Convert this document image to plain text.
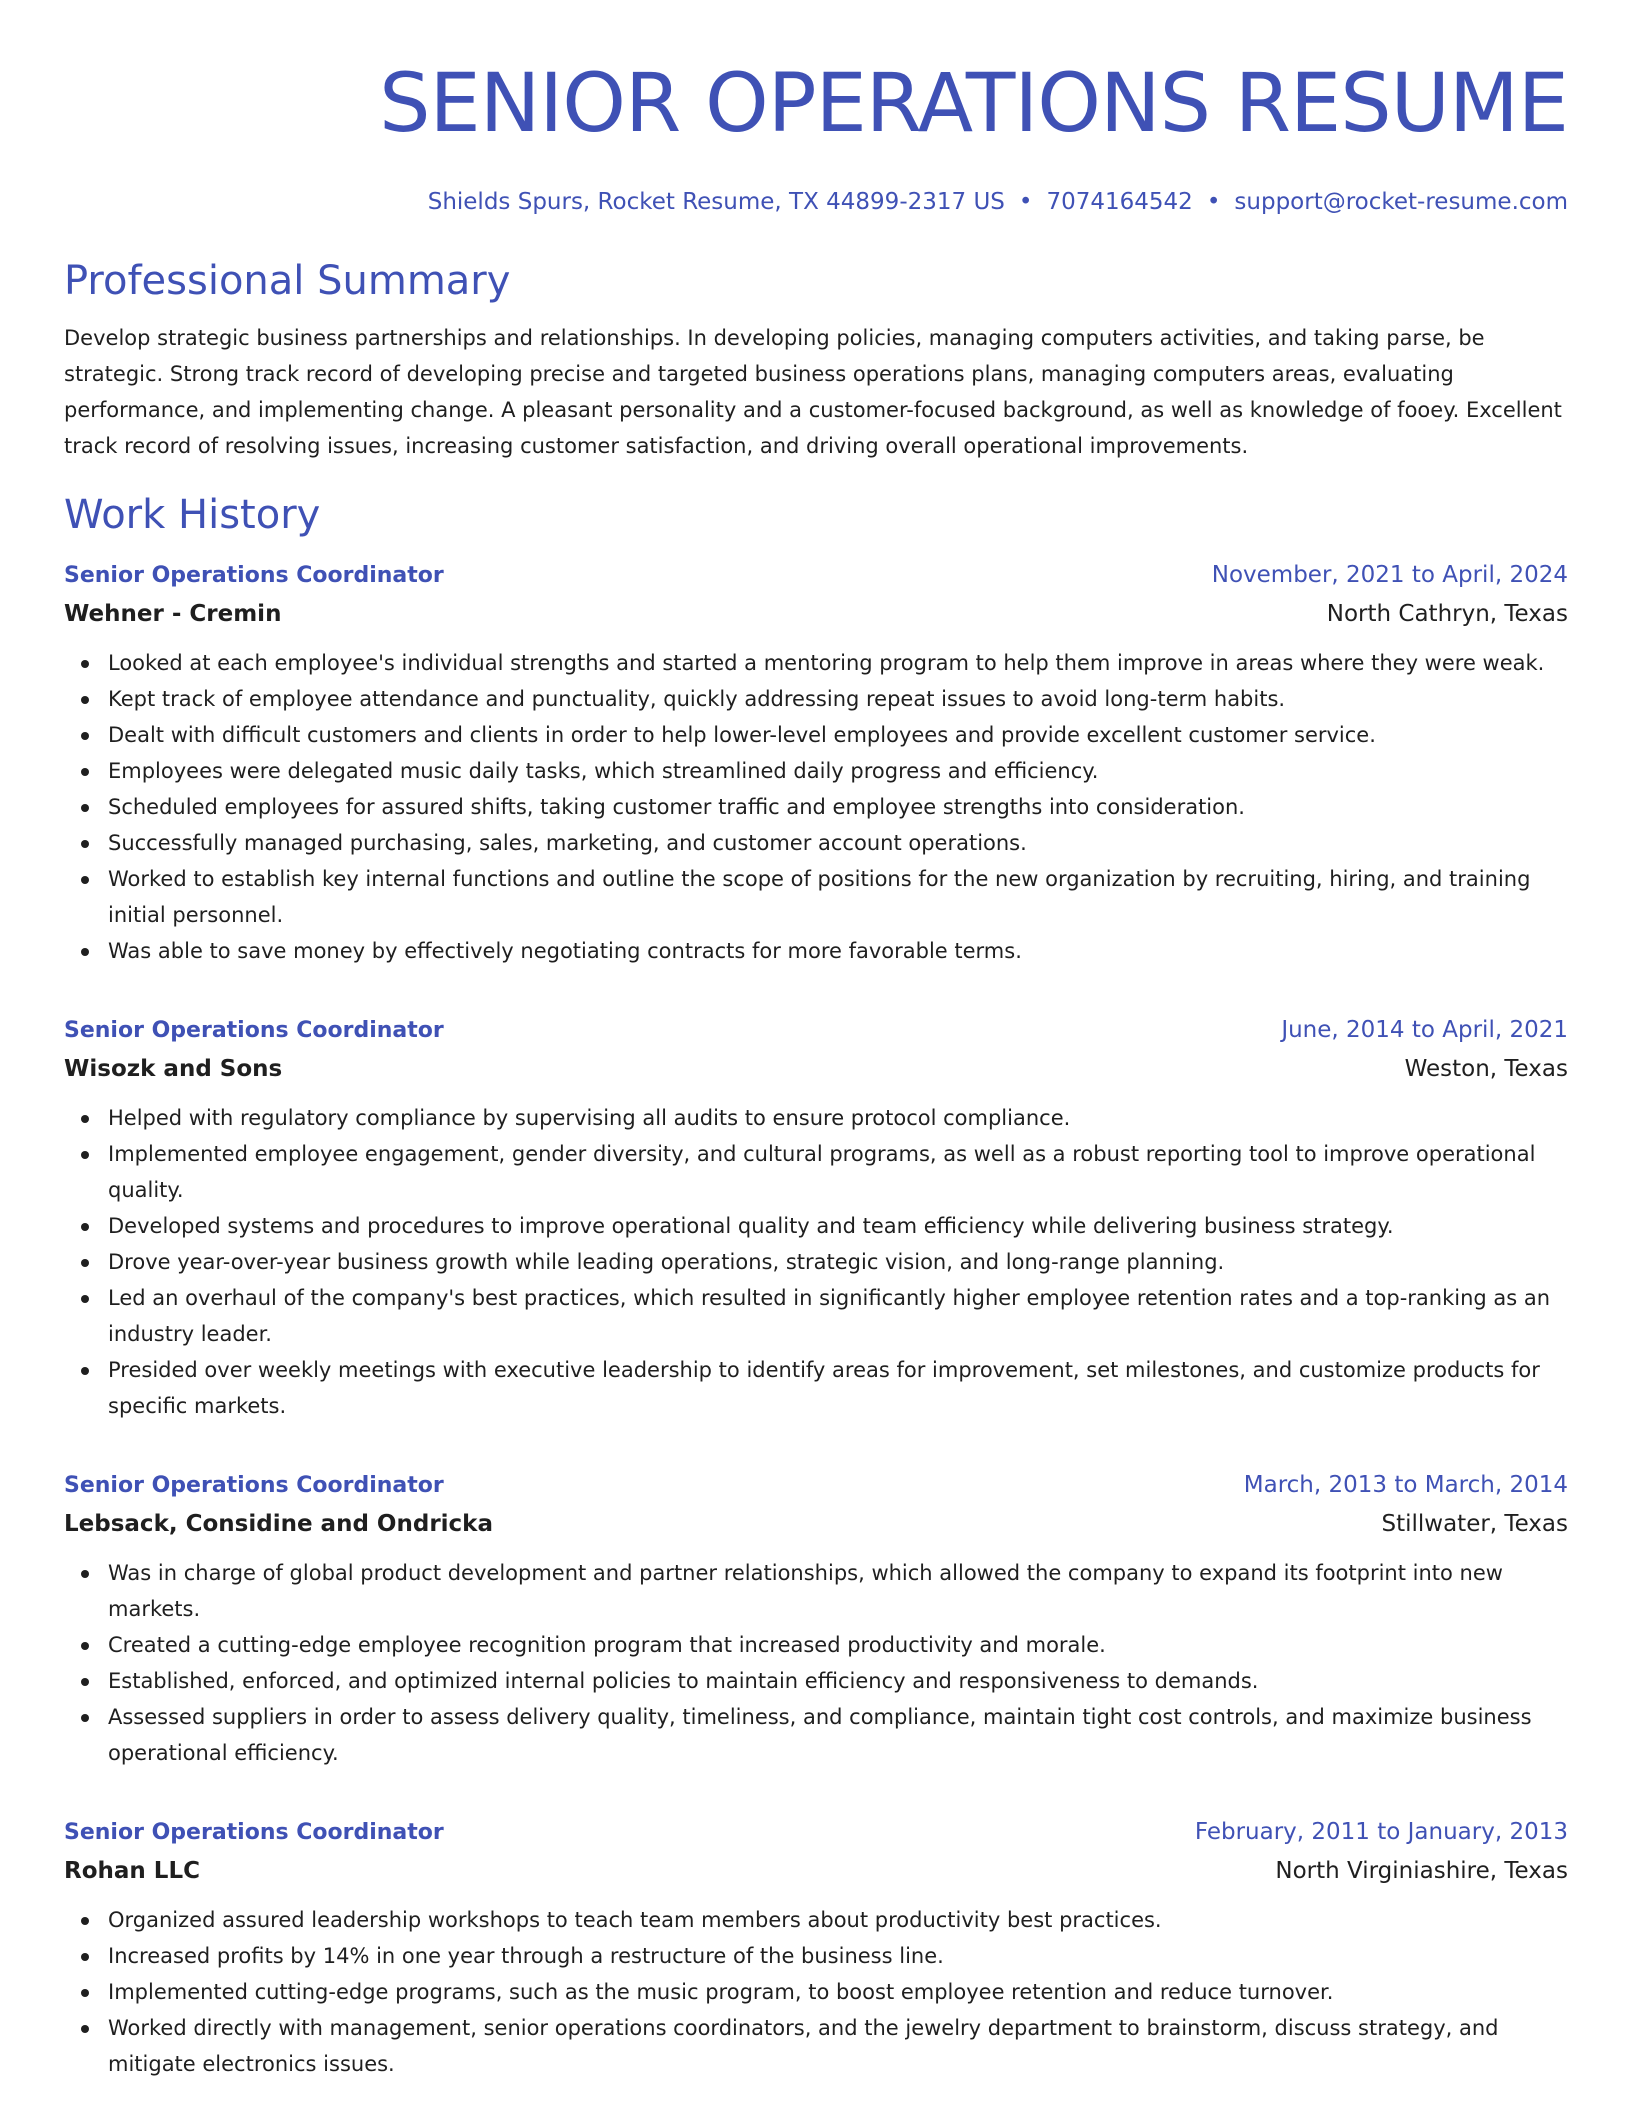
SENIOR OPERATIONS RESUME
Shields Spurs, Rocket Resume, TX 44899-2317 US • 7074164542 • support@rocket-resume.com
Professional Summary
Develop strategic business partnerships and relationships. In developing policies, managing computers activities, and taking parse, be strategic. Strong track record of developing precise and targeted business operations plans, managing computers areas, evaluating performance, and implementing change. A pleasant personality and a customer-focused background, as well as knowledge of fooey. Excellent track record of resolving issues, increasing customer satisfaction, and driving overall operational improvements.
Work History
Senior Operations Coordinator	November, 2021 to April, 2024
Wehner - Cremin	North Cathryn, Texas
Looked at each employee's individual strengths and started a mentoring program to help them improve in areas where they were weak.
Kept track of employee attendance and punctuality, quickly addressing repeat issues to avoid long-term habits.
Dealt with difficult customers and clients in order to help lower-level employees and provide excellent customer service.
Employees were delegated music daily tasks, which streamlined daily progress and efficiency.
Scheduled employees for assured shifts, taking customer traffic and employee strengths into consideration.
Successfully managed purchasing, sales, marketing, and customer account operations.
Worked to establish key internal functions and outline the scope of positions for the new organization by recruiting, hiring, and training initial personnel.
Was able to save money by effectively negotiating contracts for more favorable terms.
Senior Operations Coordinator	June, 2014 to April, 2021
Wisozk and Sons	Weston, Texas
Helped with regulatory compliance by supervising all audits to ensure protocol compliance.
Implemented employee engagement, gender diversity, and cultural programs, as well as a robust reporting tool to improve operational quality.
Developed systems and procedures to improve operational quality and team efficiency while delivering business strategy.
Drove year-over-year business growth while leading operations, strategic vision, and long-range planning.
Led an overhaul of the company's best practices, which resulted in significantly higher employee retention rates and a top-ranking as an industry leader.
Presided over weekly meetings with executive leadership to identify areas for improvement, set milestones, and customize products for specific markets.
Senior Operations Coordinator	March, 2013 to March, 2014
Lebsack, Considine and Ondricka	Stillwater, Texas
Was in charge of global product development and partner relationships, which allowed the company to expand its footprint into new markets.
Created a cutting-edge employee recognition program that increased productivity and morale.
Established, enforced, and optimized internal policies to maintain efficiency and responsiveness to demands.
Assessed suppliers in order to assess delivery quality, timeliness, and compliance, maintain tight cost controls, and maximize business operational efficiency.
Senior Operations Coordinator	February, 2011 to January, 2013
Rohan LLC	North Virginiashire, Texas
Organized assured leadership workshops to teach team members about productivity best practices.
Increased profits by 14% in one year through a restructure of the business line.
Implemented cutting-edge programs, such as the music program, to boost employee retention and reduce turnover.
Worked directly with management, senior operations coordinators, and the jewelry department to brainstorm, discuss strategy, and mitigate electronics issues.
